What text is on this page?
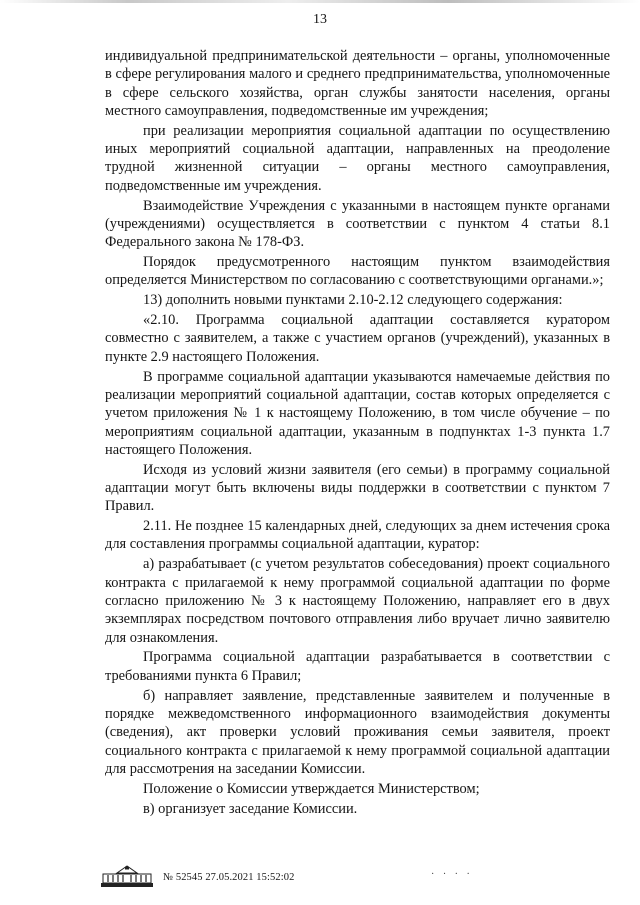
13

индивидуальной предпринимательской деятельности – органы, уполномоченные в сфере регулирования малого и среднего предпринимательства, уполномоченные в сфере сельского хозяйства, орган службы занятости населения, органы местного самоуправления, подведомственные им учреждения;

при реализации мероприятия социальной адаптации по осуществлению иных мероприятий социальной адаптации, направленных на преодоление трудной жизненной ситуации – органы местного самоуправления, подведомственные им учреждения.

Взаимодействие Учреждения с указанными в настоящем пункте органами (учреждениями) осуществляется в соответствии с пунктом 4 статьи 8.1 Федерального закона № 178-ФЗ.

Порядок предусмотренного настоящим пунктом взаимодействия определяется Министерством по согласованию с соответствующими органами.»;

13) дополнить новыми пунктами 2.10-2.12 следующего содержания:

«2.10. Программа социальной адаптации составляется куратором совместно с заявителем, а также с участием органов (учреждений), указанных в пункте 2.9 настоящего Положения.

В программе социальной адаптации указываются намечаемые действия по реализации мероприятий социальной адаптации, состав которых определяется с учетом приложения № 1 к настоящему Положению, в том числе обучение – по мероприятиям социальной адаптации, указанным в подпунктах 1-3 пункта 1.7 настоящего Положения.

Исходя из условий жизни заявителя (его семьи) в программу социальной адаптации могут быть включены виды поддержки в соответствии с пунктом 7 Правил.

2.11. Не позднее 15 календарных дней, следующих за днем истечения срока для составления программы социальной адаптации, куратор:

а) разрабатывает (с учетом результатов собеседования) проект социального контракта с прилагаемой к нему программой социальной адаптации по форме согласно приложению № 3 к настоящему Положению, направляет его в двух экземплярах посредством почтового отправления либо вручает лично заявителю для ознакомления.

Программа социальной адаптации разрабатывается в соответствии с требованиями пункта 6 Правил;

б) направляет заявление, представленные заявителем и полученные в порядке межведомственного информационного взаимодействия документы (сведения), акт проверки условий проживания семьи заявителя, проект социального контракта с прилагаемой к нему программой социальной адаптации для рассмотрения на заседании Комиссии.

Положение о Комиссии утверждается Министерством;

в) организует заседание Комиссии.

№ 52545 27.05.2021 15:52:02	· · · ·
